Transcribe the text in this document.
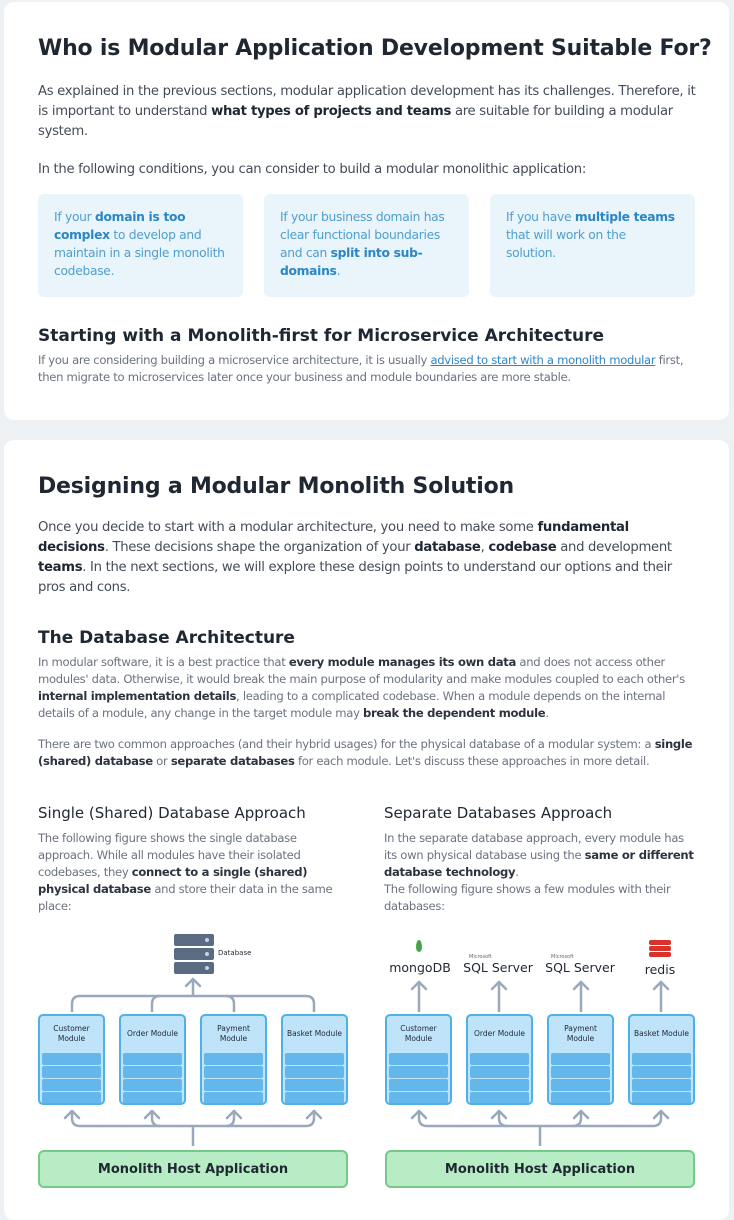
Who is Modular Application Development Suitable For?
As explained in the previous sections, modular application development has its challenges. Therefore, it is important to understand what types of projects and teams are suitable for building a modular system.
In the following conditions, you can consider to build a modular monolithic application:
If your domain is too complex to develop and maintain in a single monolith codebase.
If your business domain has clear functional boundaries and can split into sub-domains.
If you have multiple teams that will work on the solution.
Starting with a Monolith-first for Microservice Architecture
If you are considering building a microservice architecture, it is usually advised to start with a monolith modular first, then migrate to microservices later once your business and module boundaries are more stable.
Designing a Modular Monolith Solution
Once you decide to start with a modular architecture, you need to make some fundamental decisions. These decisions shape the organization of your database, codebase and development teams. In the next sections, we will explore these design points to understand our options and their pros and cons.
The Database Architecture
In modular software, it is a best practice that every module manages its own data and does not access other modules' data. Otherwise, it would break the main purpose of modularity and make modules coupled to each other's internal implementation details, leading to a complicated codebase. When a module depends on the internal details of a module, any change in the target module may break the dependent module.
There are two common approaches (and their hybrid usages) for the physical database of a modular system: a single (shared) database or separate databases for each module. Let's discuss these approaches in more detail.
Single (Shared) Database Approach
The following figure shows the single database approach. While all modules have their isolated codebases, they connect to a single (shared) physical database and store their data in the same place:
Separate Databases Approach
In the separate database approach, every module has its own physical database using the same or different database technology.
The following figure shows a few modules with their databases:
Database
Customer Module
Order Module
Payment Module
Basket Module
Monolith Host Application
mongoDB
Microsoft
SQL Server
Microsoft
SQL Server	redis
Customer Module
Order Module
Payment Module
Basket Module
Monolith Host Application
